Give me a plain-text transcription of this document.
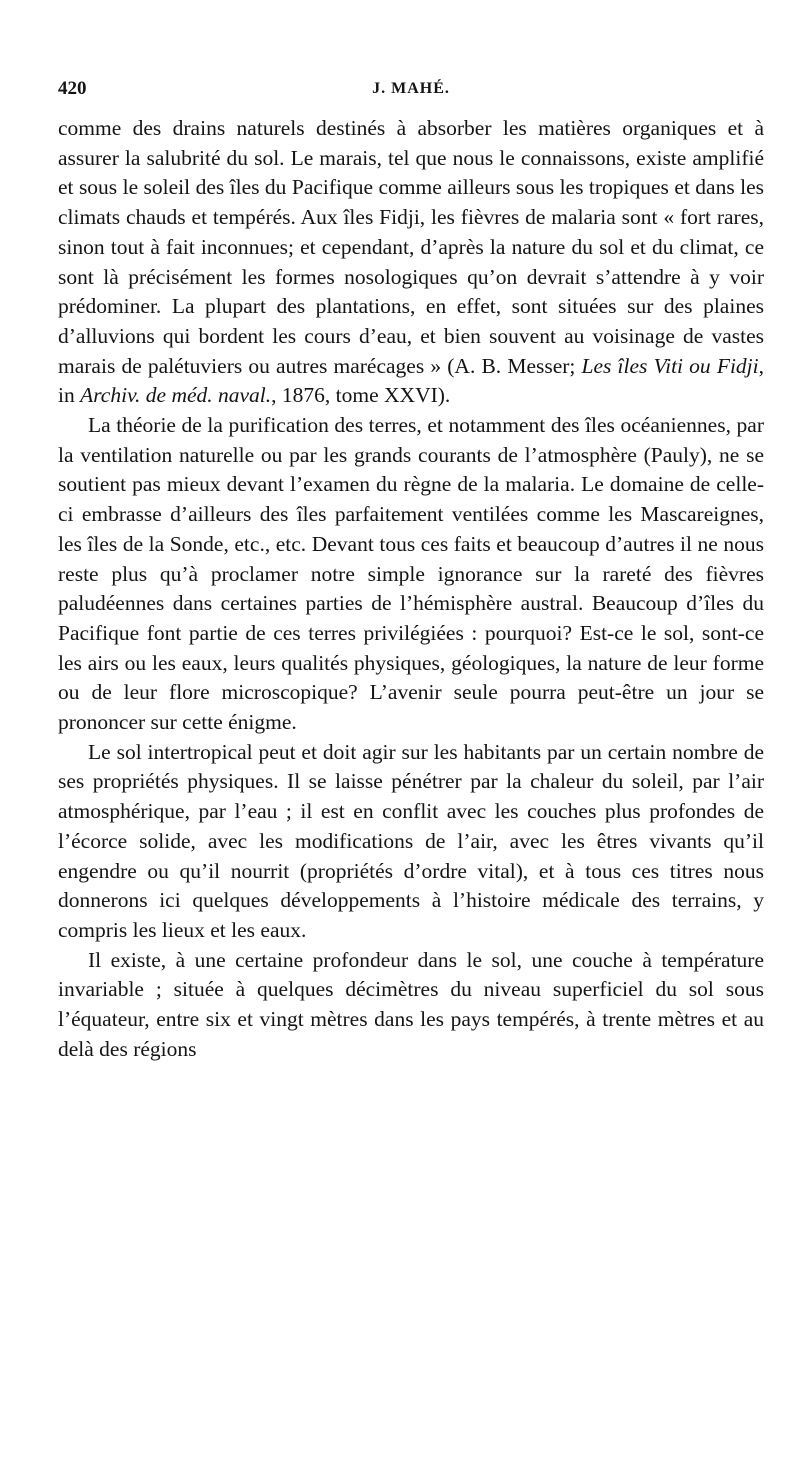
420	J. MAHÉ.

comme des drains naturels destinés à absorber les matières organiques et à assurer la salubrité du sol. Le marais, tel que nous le connaissons, existe amplifié et sous le soleil des îles du Pacifique comme ailleurs sous les tropiques et dans les climats chauds et tempérés. Aux îles Fidji, les fièvres de malaria sont « fort rares, sinon tout à fait inconnues; et cependant, d’après la nature du sol et du climat, ce sont là précisément les formes nosologiques qu’on devrait s’attendre à y voir prédominer. La plupart des plantations, en effet, sont situées sur des plaines d’alluvions qui bordent les cours d’eau, et bien souvent au voisinage de vastes marais de palétuviers ou autres marécages » (A. B. Messer; Les îles Viti ou Fidji, in Archiv. de méd. naval., 1876, tome XXVI).

La théorie de la purification des terres, et notamment des îles océaniennes, par la ventilation naturelle ou par les grands courants de l’atmosphère (Pauly), ne se soutient pas mieux devant l’examen du règne de la malaria. Le domaine de celle-ci embrasse d’ailleurs des îles parfaitement ventilées comme les Mascareignes, les îles de la Sonde, etc., etc. Devant tous ces faits et beaucoup d’autres il ne nous reste plus qu’à proclamer notre simple ignorance sur la rareté des fièvres paludéennes dans certaines parties de l’hémisphère austral. Beaucoup d’îles du Pacifique font partie de ces terres privilégiées : pourquoi? Est-ce le sol, sont-ce les airs ou les eaux, leurs qualités physiques, géologiques, la nature de leur forme ou de leur flore microscopique? L’avenir seule pourra peut-être un jour se prononcer sur cette énigme.

Le sol intertropical peut et doit agir sur les habitants par un certain nombre de ses propriétés physiques. Il se laisse pénétrer par la chaleur du soleil, par l’air atmosphérique, par l’eau ; il est en conflit avec les couches plus profondes de l’écorce solide, avec les modifications de l’air, avec les êtres vivants qu’il engendre ou qu’il nourrit (propriétés d’ordre vital), et à tous ces titres nous donnerons ici quelques développements à l’histoire médicale des terrains, y compris les lieux et les eaux.

Il existe, à une certaine profondeur dans le sol, une couche à température invariable ; située à quelques décimètres du niveau superficiel du sol sous l’équateur, entre six et vingt mètres dans les pays tempérés, à trente mètres et au delà des régions
